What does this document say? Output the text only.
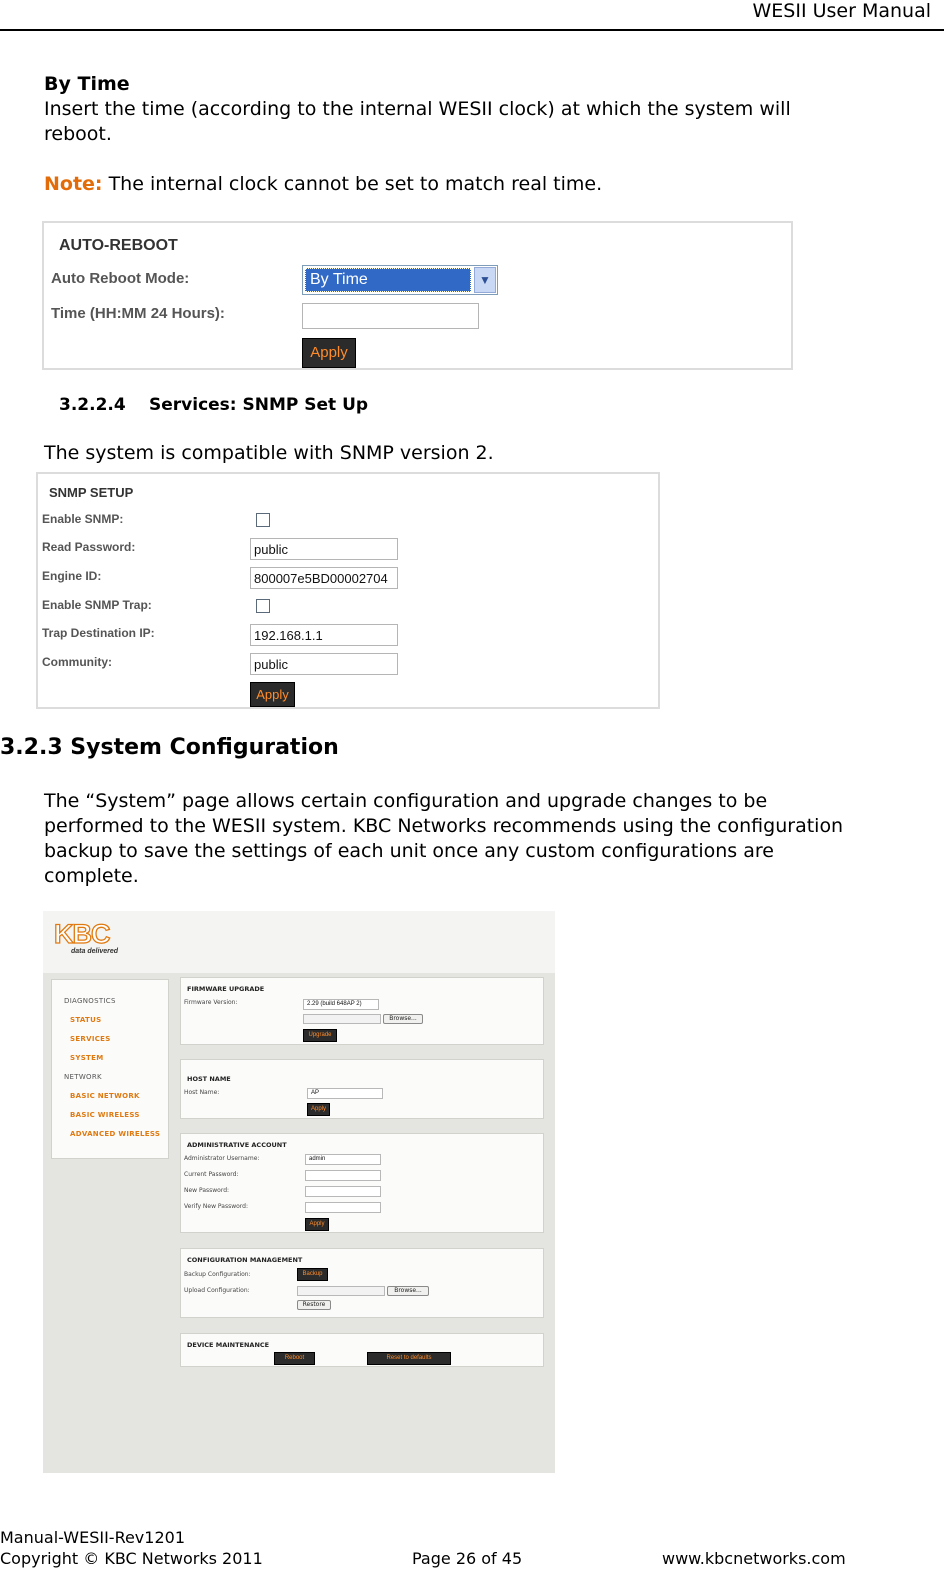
WESII User Manual
By Time
Insert the time (according to the internal WESII clock) at which the system will
reboot.
Note: The internal clock cannot be set to match real time.
AUTO-REBOOT
Auto Reboot Mode:	By Time	▼
Time (HH:MM 24 Hours):
Apply
3.2.2.4 Services: SNMP Set Up
The system is compatible with SNMP version 2.
SNMP SETUP
Enable SNMP:
Read Password:	public
Engine ID:	800007e5BD00002704
Enable SNMP Trap:
Trap Destination IP:	192.168.1.1
Community:	public
Apply
3.2.3 System Configuration
The “System” page allows certain configuration and upgrade changes to be
performed to the WESII system. KBC Networks recommends using the configuration
backup to save the settings of each unit once any custom configurations are
complete.
KBC
data delivered
DIAGNOSTICS
STATUS
SERVICES
SYSTEM
NETWORK
BASIC NETWORK
BASIC WIRELESS
ADVANCED WIRELESS
FIRMWARE UPGRADE
Firmware Version:	2.29 (build 648AP 2)
Browse...
Upgrade
HOST NAME
Host Name:	AP
Apply
ADMINISTRATIVE ACCOUNT
Administrator Username:	admin
Current Password:
New Password:
Verify New Password:
Apply
CONFIGURATION MANAGEMENT
Backup Configuration:	Backup
Upload Configuration:	Browse...
Restore
DEVICE MAINTENANCE
Reboot	Reset to defaults
Manual-WESII-Rev1201
Copyright © KBC Networks 2011	Page 26 of 45	www.kbcnetworks.com
